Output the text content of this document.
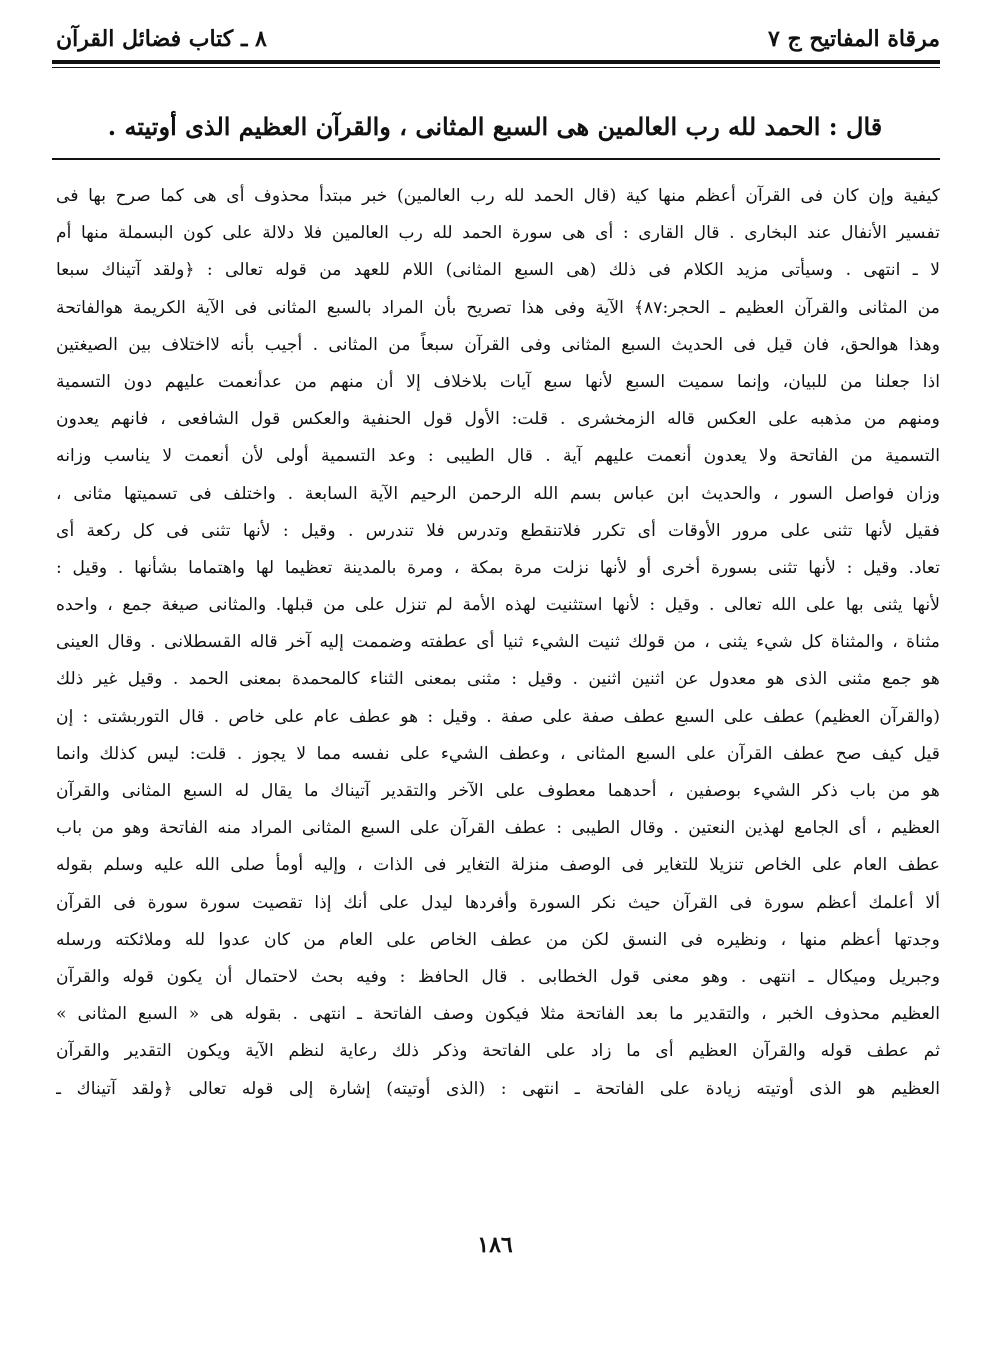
مرقاة المفاتيح ج ٧
٨ ـ كتاب فضائل القرآن
قال : الحمد لله رب العالمين هى السبع المثانى ، والقرآن العظيم الذى أوتيته .
كيفية وإن كان فى القرآن أعظم منها كية (قال الحمد لله رب العالمين) خبر مبتدأ محذوف أى هى كما صرح بها فى
تفسير الأنفال عند البخارى . قال القارى : أى هى سورة الحمد لله رب العالمين فلا دلالة على كون البسملة منها أم
لا ـ انتهى . وسيأتى مزيد الكلام فى ذلك (هى السبع المثانى) اللام للعهد من قوله تعالى : ﴿ولقد آتيناك سبعا
من المثانى والقرآن العظيم ـ الحجر:٨٧﴾ الآية وفى هذا تصريح بأن المراد بالسبع المثانى فى الآية الكريمة هوالفاتحة
وهذا هوالحق، فان قيل فى الحديث السبع المثانى وفى القرآن سبعاً من المثانى . أجيب بأنه لااختلاف بين الصيغتين
اذا جعلنا من للبيان، وإنما سميت السبع لأنها سبع آيات بلاخلاف إلا أن منهم من عدأنعمت عليهم دون التسمية
ومنهم من مذهبه على العكس قاله الزمخشرى . قلت: الأول قول الحنفية والعكس قول الشافعى ، فانهم يعدون
التسمية من الفاتحة ولا يعدون أنعمت عليهم آية . قال الطيبى : وعد التسمية أولى لأن أنعمت لا يناسب وزانه
وزان فواصل السور ، والحديث ابن عباس بسم الله الرحمن الرحيم الآية السابعة . واختلف فى تسميتها مثانى ،
فقيل لأنها تثنى على مرور الأوقات أى تكرر فلاتنقطع وتدرس فلا تندرس . وقيل : لأنها تثنى فى كل ركعة أى
تعاد. وقيل : لأنها تثنى بسورة أخرى أو لأنها نزلت مرة بمكة ، ومرة بالمدينة تعظيما لها واهتماما بشأنها . وقيل :
لأنها يثنى بها على الله تعالى . وقيل : لأنها استثنيت لهذه الأمة لم تنزل على من قبلها. والمثانى صيغة جمع ، واحده
مثناة ، والمثناة كل شيء يثنى ، من قولك ثنيت الشيء ثنيا أى عطفته وضممت إليه آخر قاله القسطلانى . وقال العينى
هو جمع مثنى الذى هو معدول عن اثنين اثنين . وقيل : مثنى بمعنى الثناء كالمحمدة بمعنى الحمد . وقيل غير ذلك
(والقرآن العظيم) عطف على السبع عطف صفة على صفة . وقيل : هو عطف عام على خاص . قال التوربشتى : إن
قيل كيف صح عطف القرآن على السبع المثانى ، وعطف الشيء على نفسه مما لا يجوز . قلت: ليس كذلك وانما
هو من باب ذكر الشيء بوصفين ، أحدهما معطوف على الآخر والتقدير آتيناك ما يقال له السبع المثانى والقرآن
العظيم ، أى الجامع لهذين النعتين . وقال الطيبى : عطف القرآن على السبع المثانى المراد منه الفاتحة وهو من باب
عطف العام على الخاص تنزيلا للتغاير فى الوصف منزلة التغاير فى الذات ، وإليه أومأ صلى الله عليه وسلم بقوله
ألا أعلمك أعظم سورة فى القرآن حيث نكر السورة وأفردها ليدل على أنك إذا تقصيت سورة سورة فى القرآن
وجدتها أعظم منها ، ونظيره فى النسق لكن من عطف الخاص على العام من كان عدوا لله وملائكته ورسله
وجبريل وميكال ـ انتهى . وهو معنى قول الخطابى . قال الحافظ : وفيه بحث لاحتمال أن يكون قوله والقرآن
العظيم محذوف الخبر ، والتقدير ما بعد الفاتحة مثلا فيكون وصف الفاتحة ـ انتهى . بقوله هى « السبع المثانى »
ثم عطف قوله والقرآن العظيم أى ما زاد على الفاتحة وذكر ذلك رعاية لنظم الآية ويكون التقدير والقرآن
العظيم هو الذى أوتيته زيادة على الفاتحة ـ انتهى : (الذى أوتيته) إشارة إلى قوله تعالى ﴿ولقد آتيناك ـ
١٨٦
